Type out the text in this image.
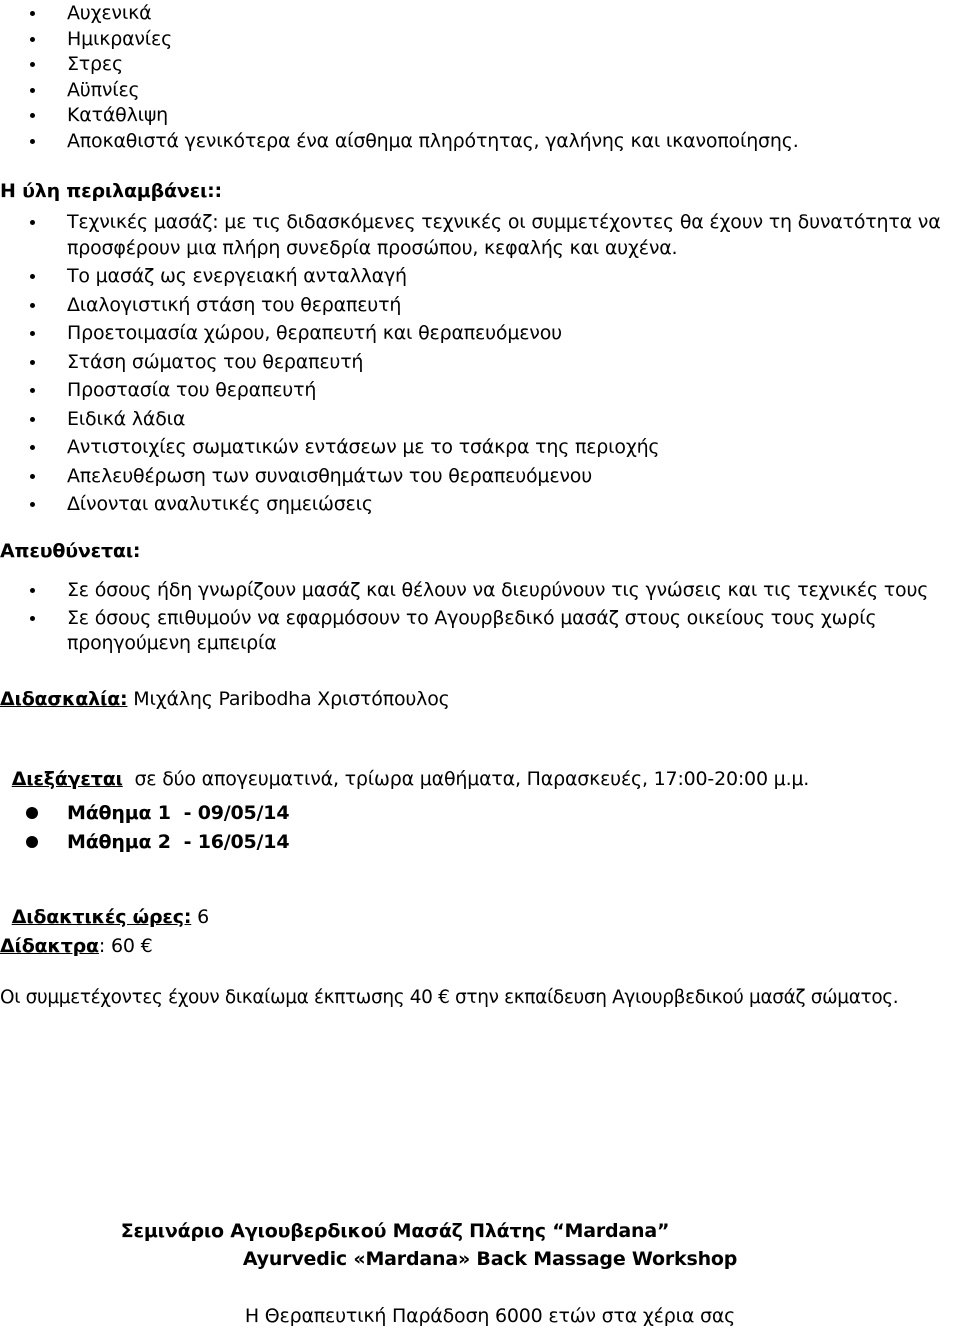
Αυχενικά
Ημικρανίες
Στρες
Αϋπνίες
Κατάθλιψη
Αποκαθιστά γενικότερα ένα αίσθημα πληρότητας, γαλήνης και ικανοποίησης.
Η ύλη περιλαμβάνει::
Τεχνικές μασάζ: με τις διδασκόμενες τεχνικές οι συμμετέχοντες θα έχουν τη δυνατότητα να προσφέρουν μια πλήρη συνεδρία προσώπου, κεφαλής και αυχένα.
Το μασάζ ως ενεργειακή ανταλλαγή
Διαλογιστική στάση του θεραπευτή
Προετοιμασία χώρου, θεραπευτή και θεραπευόμενου
Στάση σώματος του θεραπευτή
Προστασία του θεραπευτή
Ειδικά λάδια
Αντιστοιχίες σωματικών εντάσεων με το τσάκρα της περιοχής
Απελευθέρωση των συναισθημάτων του θεραπευόμενου
Δίνονται αναλυτικές σημειώσεις
Απευθύνεται:
Σε όσους ήδη γνωρίζουν μασάζ και θέλουν να διευρύνουν τις γνώσεις και τις τεχνικές τους
Σε όσους επιθυμούν να εφαρμόσουν το Αγουρβεδικό μασάζ στους οικείους τους χωρίς προηγούμενη εμπειρία
Διδασκαλία: Μιχάλης Paribodha Χριστόπουλος

Διεξάγεται  σε δύο απογευματινά, τρίωρα μαθήματα, Παρασκευές, 17:00-20:00 μ.μ.

Μάθημα 1  - 09/05/14
Μάθημα 2  - 16/05/14

Διδακτικές ώρες: 6

Δίδακτρα: 60 €
Οι συμμετέχοντες έχουν δικαίωμα έκπτωσης 40 € στην εκπαίδευση Αγιουρβεδικού μασάζ σώματος.
Σεμινάριο Αγιουβερδικού Μασάζ Πλάτης “Mardana”
Ayurvedic «Mardana» Back Massage Workshop
Η Θεραπευτική Παράδοση 6000 ετών στα χέρια σας
